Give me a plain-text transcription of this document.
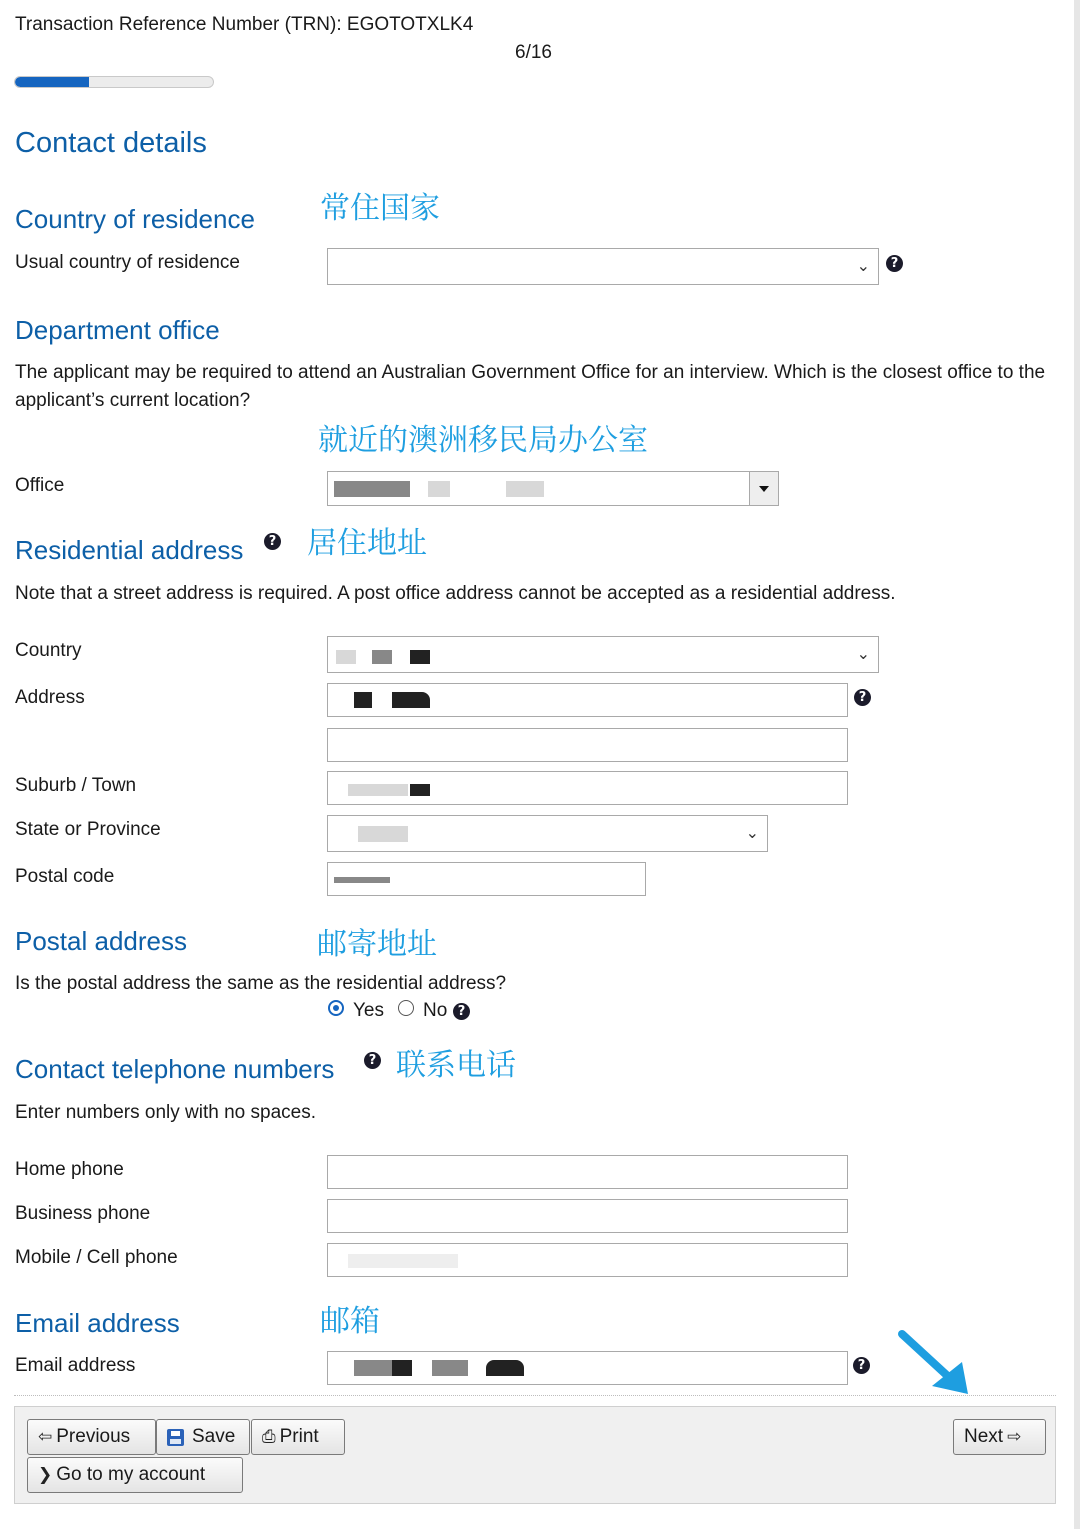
Transaction Reference Number (TRN): EGOTOTXLK4
6/16
Contact details
Country of residence 常住国家
Usual country of residence	⌄	?
Department office
The applicant may be required to attend an Australian Government Office for an interview. Which is the closest office to the applicant’s current location?
就近的澳洲移民局办公室
Office
Residential address	? 居住地址
Note that a street address is required. A post office address cannot be accepted as a residential address.
Country	⌄
Address	?
Suburb / Town
State or Province	⌄
Postal code
Postal address	邮寄地址
Is the postal address the same as the residential address?
Yes No ?
Contact telephone numbers	? 联系电话
Enter numbers only with no spaces.
Home phone
Business phone
Mobile / Cell phone
Email address	邮箱
Email address	?
⇦ Previous	Save ⎙ Print
❯ Go to my account
Next ⇨
